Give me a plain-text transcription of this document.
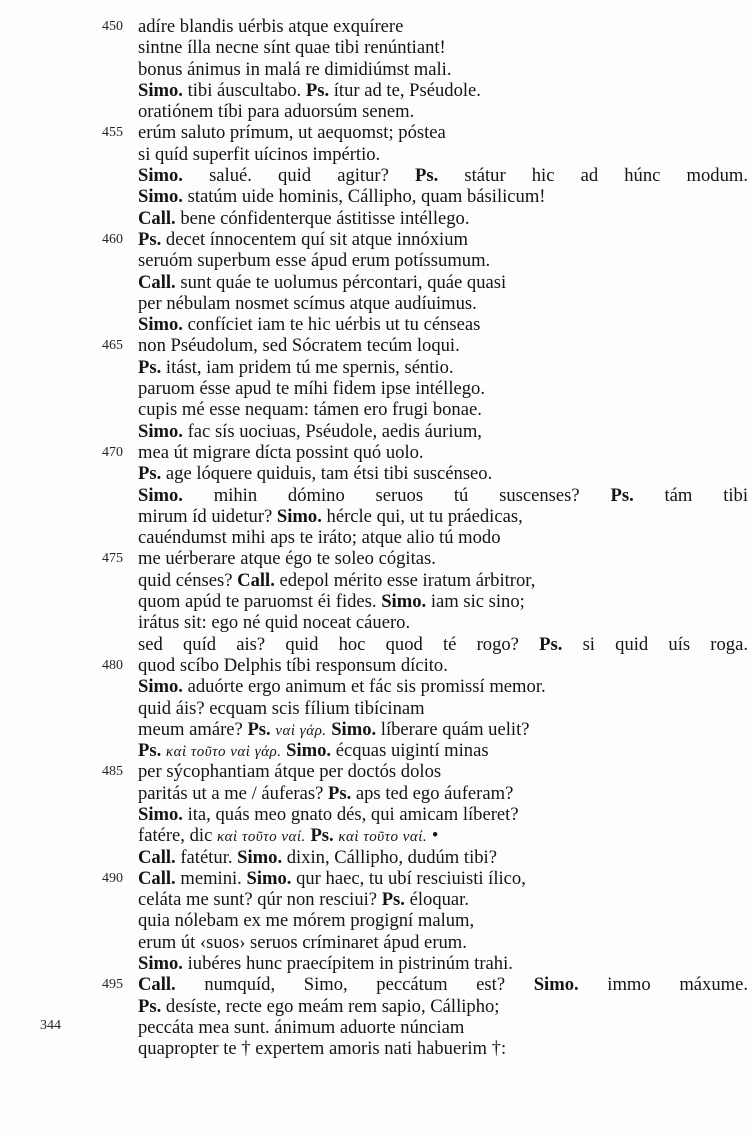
450 adíre blandis uérbis atque exquírere
sintne ílla necne sínt quae tibi renúntiant!
bonus ánimus in malá re dimidiúmst mali.
Simo. tibi áuscultabo. Ps. ítur ad te, Pséudole.
oratiónem tíbi para aduorsúm senem.
455 erúm saluto prímum, ut aequomst; póstea
si quíd superfit uícinos impértio.
Simo. salué. quid agitur? Ps. státur hic ad húnc modum.
Simo. statúm uide hominis, Cállipho, quam básilicum!
Call. bene cónfidenterque ástitisse intéllego.
460 Ps. decet ínnocentem quí sit atque innóxium
seruóm superbum esse ápud erum potíssumum.
Call. sunt quáe te uolumus pércontari, quáe quasi
per nébulam nosmet scímus atque audíuimus.
Simo. confíciet iam te hic uérbis ut tu cénseas
465 non Pséudolum, sed Sócratem tecúm loqui.
Ps. itást, iam pridem tú me spernis, séntio.
paruom ésse apud te míhi fidem ipse intéllego.
cupis mé esse nequam: támen ero frugi bonae.
Simo. fac sís uociuas, Pséudole, aedis áurium,
470 mea út migrare dícta possint quó uolo.
Ps. age lóquere quiduis, tam étsi tibi suscénseo.
Simo. mihin dómino seruos tú suscenses? Ps. tám tibi
mirum íd uidetur? Simo. hércle qui, ut tu práedicas,
cauéndumst mihi aps te iráto; atque alio tú modo
475 me uérberare atque égo te soleo cógitas.
quid cénses? Call. edepol mérito esse iratum árbitror,
quom apúd te paruomst éi fides. Simo. iam sic sino;
irátus sit: ego né quid noceat cáuero.
sed quíd ais? quid hoc quod té rogo? Ps. si quid uís roga.
480 quod scíbo Delphis tíbi responsum dícito.
Simo. aduórte ergo animum et fác sis promissí memor.
quid áis? ecquam scis fílium tibícinam
meum amáre? Ps. ναὶ γάρ. Simo. líberare quám uelit?
Ps. καὶ τοῦτο ναὶ γάρ. Simo. écquas uigintí minas
485 per sýcophantiam átque per doctós dolos
paritás ut a me / áuferas? Ps. aps ted ego áuferam?
Simo. ita, quás meo gnato dés, qui amicam líberet?
fatére, dic καὶ τοῦτο ναί. Ps. καὶ τοῦτο ναί. •
Call. fatétur. Simo. dixin, Cállipho, dudúm tibi?
490 Call. memini. Simo. qur haec, tu ubí resciuisti ílico,
celáta me sunt? qúr non resciui? Ps. éloquar.
quia nólebam ex me mórem progigní malum,
erum út ‹suos› seruos críminaret ápud erum.
Simo. iubéres hunc praecípitem in pistrinúm trahi.
495 Call. numquíd, Simo, peccátum est? Simo. immo máxume.
Ps. desíste, recte ego meám rem sapio, Cállipho;
peccáta mea sunt. ánimum aduorte núnciam
quapropter te † expertem amoris nati habuerim †:
344
